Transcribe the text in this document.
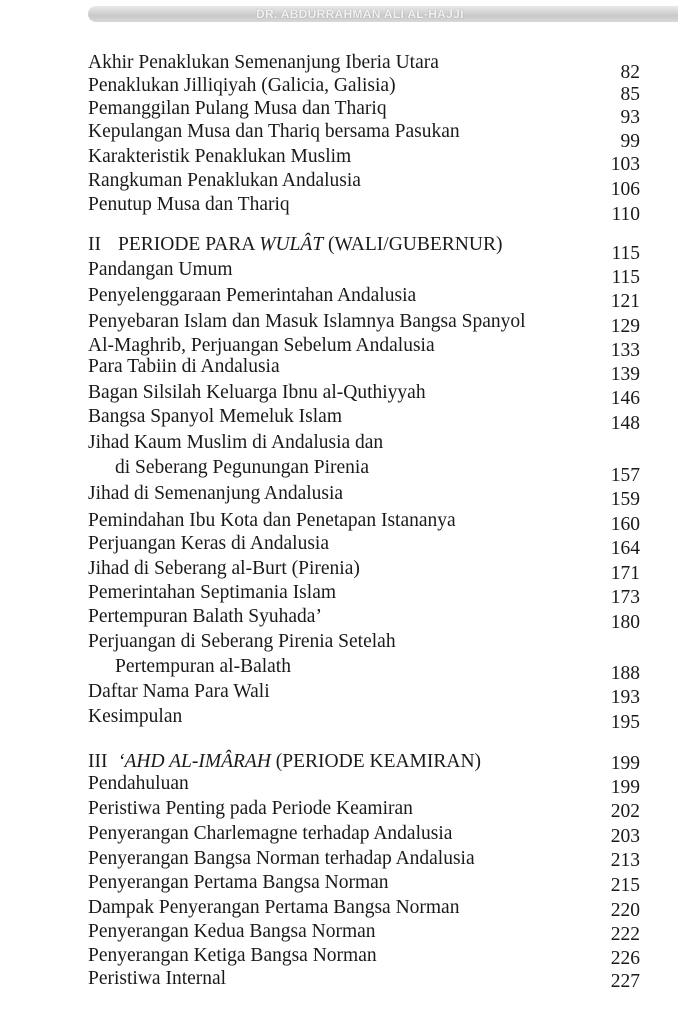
DR. ABDURRAHMAN ALI AL-HAJJI
Akhir Penaklukan Semenanjung Iberia Utara	82
Penaklukan Jilliqiyah (Galicia, Galisia)	85
Pemanggilan Pulang Musa dan Thariq	93
Kepulangan Musa dan Thariq bersama Pasukan	99
Karakteristik Penaklukan Muslim	103
Rangkuman Penaklukan Andalusia	106
Penutup Musa dan Thariq	110
II PERIODE PARA WULÂT (WALI/GUBERNUR)	115
Pandangan Umum	115
Penyelenggaraan Pemerintahan Andalusia	121
Penyebaran Islam dan Masuk Islamnya Bangsa Spanyol	129
Al-Maghrib, Perjuangan Sebelum Andalusia	133
Para Tabiin di Andalusia	139
Bagan Silsilah Keluarga Ibnu al-Quthiyyah	146
Bangsa Spanyol Memeluk Islam	148
Jihad Kaum Muslim di Andalusia dan
di Seberang Pegunungan Pirenia	157
Jihad di Semenanjung Andalusia	159
Pemindahan Ibu Kota dan Penetapan Istananya	160
Perjuangan Keras di Andalusia	164
Jihad di Seberang al-Burt (Pirenia)	171
Pemerintahan Septimania Islam	173
Pertempuran Balath Syuhada’	180
Perjuangan di Seberang Pirenia Setelah
Pertempuran al-Balath	188
Daftar Nama Para Wali	193
Kesimpulan	195
III ‘AHD AL-IMÂRAH (PERIODE KEAMIRAN)	199
Pendahuluan	199
Peristiwa Penting pada Periode Keamiran	202
Penyerangan Charlemagne terhadap Andalusia	203
Penyerangan Bangsa Norman terhadap Andalusia	213
Penyerangan Pertama Bangsa Norman	215
Dampak Penyerangan Pertama Bangsa Norman	220
Penyerangan Kedua Bangsa Norman	222
Penyerangan Ketiga Bangsa Norman	226
Peristiwa Internal	227
